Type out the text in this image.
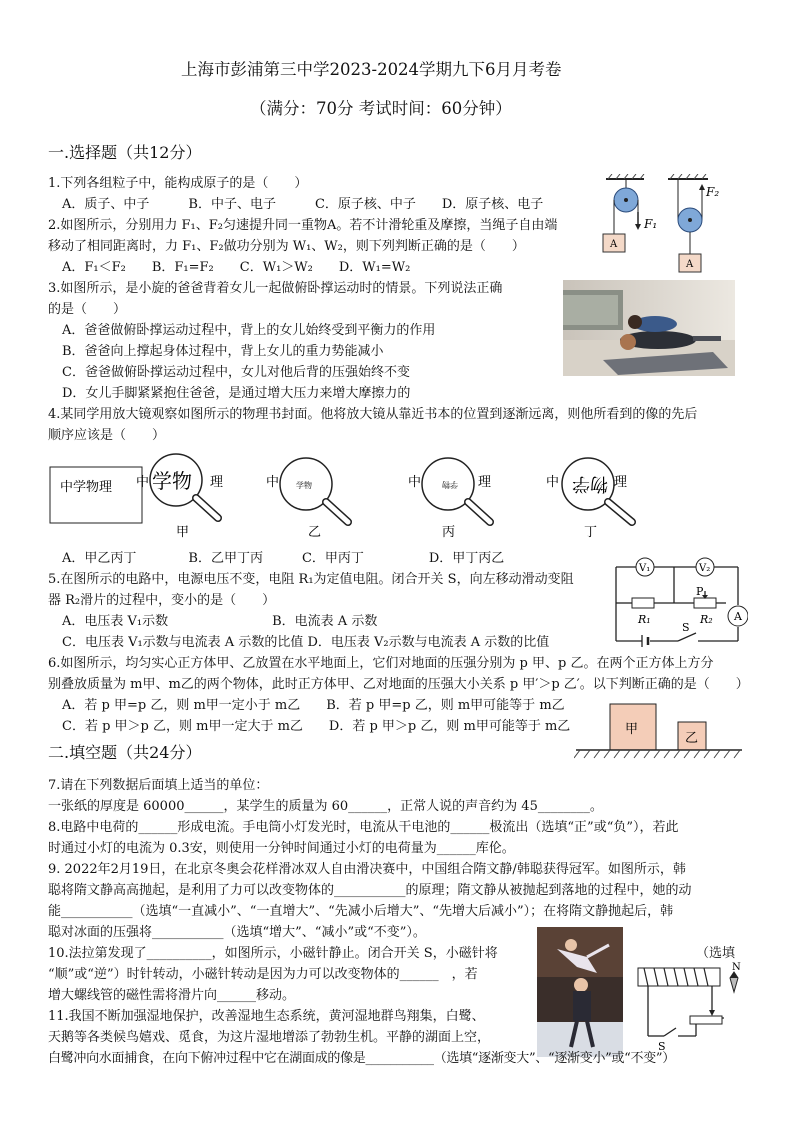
上海市彭浦第三中学2023-2024学期九下6月月考卷
（满分：70分 考试时间：60分钟）
一.选择题（共12分）
1.下列各组粒子中，能构成原子的是（　　）
A．质子、中子　　　B．中子、电子　　　C．原子核、中子　　D．原子核、电子
2.如图所示，分别用力 F₁、F₂匀速提升同一重物A。若不计滑轮重及摩擦，当绳子自由端
移动了相同距离时，力 F₁、F₂做功分别为 W₁、W₂，则下列判断正确的是（　　）
A．F₁＜F₂　　B．F₁=F₂　　C．W₁＞W₂　　D．W₁=W₂
F₁
F₂
A
A
3.如图所示，是小旋的爸爸背着女儿一起做俯卧撑运动时的情景。下列说法正确
的是（　　）
A．爸爸做俯卧撑运动过程中，背上的女儿始终受到平衡力的作用
B．爸爸向上撑起身体过程中，背上女儿的重力势能减小
C．爸爸做俯卧撑运动过程中，女儿对他后背的压强始终不变
D．女儿手脚紧紧抱住爸爸，是通过增大压力来增大摩擦力的
4.某同学用放大镜观察如图所示的物理书封面。他将放大镜从靠近书本的位置到逐渐远离，则他所看到的像的先后
顺序应该是（　　）
中学物理 中 学物 理
甲
中 学物
乙
中	学物 理
丙
中 物学 理
丁
A．甲乙丙丁　　　　B．乙甲丁丙　　　C．甲丙丁　　　　　D．甲丁丙乙
5.在图所示的电路中，电源电压不变，电阻 R₁为定值电阻。闭合开关 S，向左移动滑动变阻
器 R₂滑片的过程中，变小的是（　　）
A．电压表 V₁示数　　　　　　　　B．电流表 A 示数
C．电压表 V₁示数与电流表 A 示数的比值 D．电压表 V₂示数与电流表 A 示数的比值
V₁	V₂
P
A
R₁
S
R₂
6.如图所示，均匀实心正方体甲、乙放置在水平地面上，它们对地面的压强分别为 p 甲、p 乙。在两个正方体上方分
别叠放质量为 m甲、m乙的两个物体，此时正方体甲、乙对地面的压强大小关系 p 甲′＞p 乙′。以下判断正确的是（　　）
A．若 p 甲=p 乙，则 m甲一定小于 m乙　　B．若 p 甲=p 乙，则 m甲可能等于 m乙
C．若 p 甲＞p 乙，则 m甲一定大于 m乙　　D．若 p 甲＞p 乙，则 m甲可能等于 m乙	甲
乙
二.填空题（共24分）
7.请在下列数据后面填上适当的单位：
一张纸的厚度是 60000______，某学生的质量为 60______，正常人说的声音约为 45________。
8.电路中电荷的______形成电流。手电筒小灯发光时，电流从干电池的______极流出（选填“正”或“负”），若此
时通过小灯的电流为 0.3安，则使用一分钟时间通过小灯的电荷量为______库伦。
9. 2022年2月19日，在北京冬奥会花样滑冰双人自由滑决赛中，中国组合隋文静/韩聪获得冠军。如图所示，韩
聪将隋文静高高抛起，是利用了力可以改变物体的___________的原理；隋文静从被抛起到落地的过程中，她的动
能___________（选填“一直减小”、“一直增大”、“先减小后增大”、“先增大后减小”）；在将隋文静抛起后，韩
聪对冰面的压强将___________（选填“增大”、“减小”或“不变”）。
10.法拉第发现了__________，如图所示，小磁针静止。闭合开关 S，小磁针将	（选填
“顺”或“逆”）时针转动，小磁针转动是因为力可以改变物体的______　，若
增大螺线管的磁性需将滑片向______移动。
N
S
11.我国不断加强湿地保护，改善湿地生态系统，黄河湿地群鸟翔集，白鹭、
天鹅等各类候鸟嬉戏、觅食，为这片湿地增添了勃勃生机。平静的湖面上空，
白鹭冲向水面捕食，在向下俯冲过程中它在湖面成的像是___________（选填“逐渐变大”、“逐渐变小”或“不变”）
